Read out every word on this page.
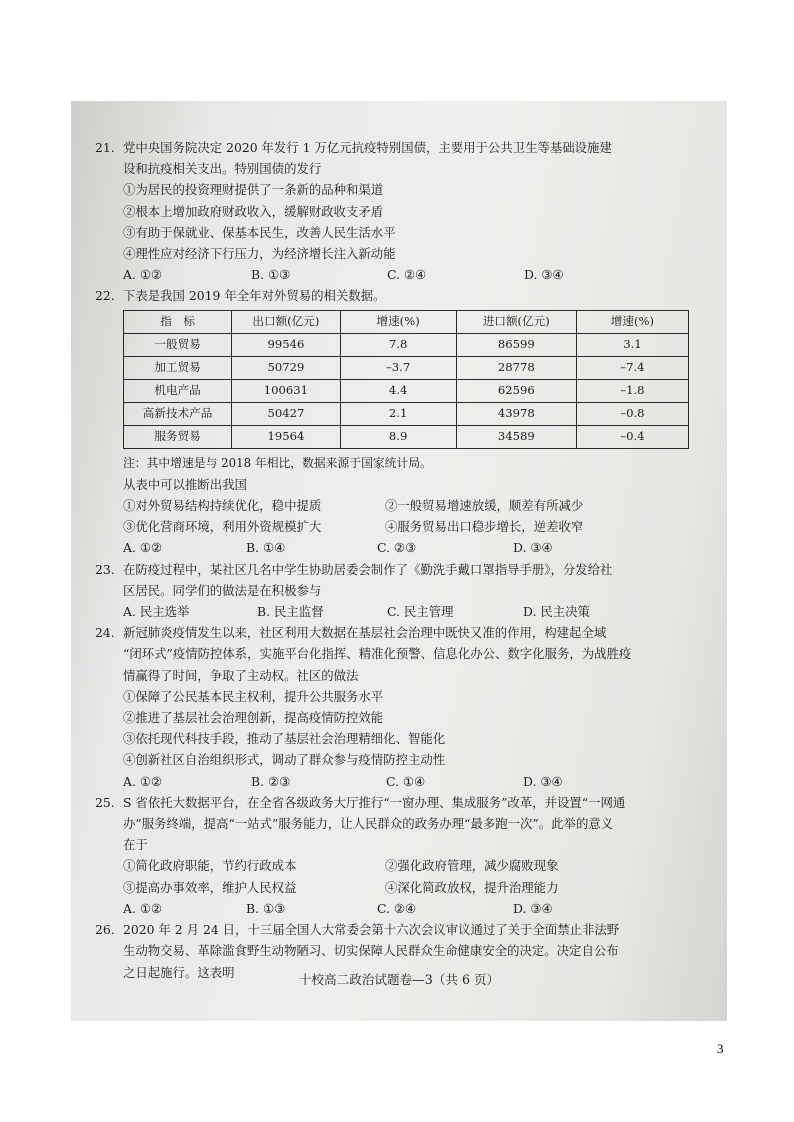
21. 党中央国务院决定 2020 年发行 1 万亿元抗疫特别国债，主要用于公共卫生等基础设施建
设和抗疫相关支出。特别国债的发行
①为居民的投资理财提供了一条新的品种和渠道
②根本上增加政府财政收入，缓解财政收支矛盾
③有助于保就业、保基本民生，改善人民生活水平
④理性应对经济下行压力，为经济增长注入新动能
A. ①②	B. ①③	C. ②④	D. ③④
22. 下表是我国 2019 年全年对外贸易的相关数据。
指　标	出口额(亿元)	增速(%)	进口额(亿元)	增速(%)
一般贸易	99546	7.8	86599	3.1
加工贸易	50729	–3.7	28778	–7.4
机电产品	100631	4.4	62596	–1.8
高新技术产品	50427	2.1	43978	–0.8
服务贸易	19564	8.9	34589	–0.4
注：其中增速是与 2018 年相比，数据来源于国家统计局。
从表中可以推断出我国
①对外贸易结构持续优化，稳中提质	②一般贸易增速放缓，顺差有所减少
③优化营商环境，利用外资规模扩大	④服务贸易出口稳步增长，逆差收窄
A. ①②	B. ①④	C. ②③	D. ③④
23. 在防疫过程中，某社区几名中学生协助居委会制作了《勤洗手戴口罩指导手册》，分发给社
区居民。同学们的做法是在积极参与
A. 民主选举	B. 民主监督	C. 民主管理	D. 民主决策
24. 新冠肺炎疫情发生以来，社区利用大数据在基层社会治理中既快又准的作用，构建起全域
“闭环式”疫情防控体系，实施平台化指挥、精准化预警、信息化办公、数字化服务，为战胜疫
情赢得了时间，争取了主动权。社区的做法
①保障了公民基本民主权利，提升公共服务水平
②推进了基层社会治理创新，提高疫情防控效能
③依托现代科技手段，推动了基层社会治理精细化、智能化
④创新社区自治组织形式，调动了群众参与疫情防控主动性
A. ①②	B. ②③	C. ①④	D. ③④
25. S 省依托大数据平台，在全省各级政务大厅推行“一窗办理、集成服务”改革，并设置“一网通
办”服务终端，提高“一站式”服务能力，让人民群众的政务办理“最多跑一次”。此举的意义
在于
①简化政府职能，节约行政成本	②强化政府管理，减少腐败现象
③提高办事效率，维护人民权益	④深化简政放权，提升治理能力
A. ①②	B. ①③	C. ②④	D. ③④
26. 2020 年 2 月 24 日，十三届全国人大常委会第十六次会议审议通过了关于全面禁止非法野
生动物交易、革除滥食野生动物陋习、切实保障人民群众生命健康安全的决定。决定自公布
之日起施行。这表明	十校高二政治试题卷—3（共 6 页）
3
